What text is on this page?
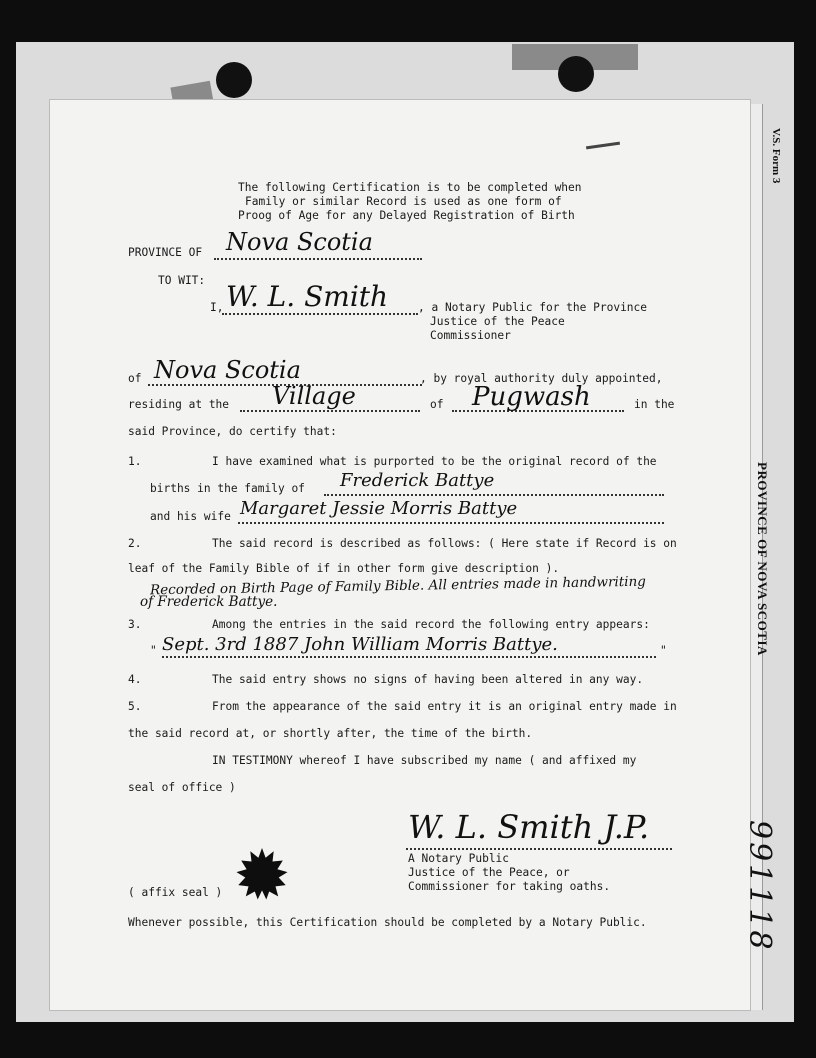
V.S. Form 3
PROVINCE OF NOVA SCOTIA
991118
The following Certification is to be completed when
Family or similar Record is used as one form of
Proog of Age for any Delayed Registration of Birth
PROVINCE OF Nova Scotia
TO WIT:
I, W. L. Smith	, a Notary Public for the Province
Justice of the Peace
Commissioner
of Nova Scotia	, by royal authority duly appointed,
residing at the Village	of Pugwash	in the
said Province, do certify that:
1.	I have examined what is purported to be the original record of the
births in the family of Frederick Battye
and his wife Margaret Jessie Morris Battye
2.	The said record is described as follows: ( Here state if Record is on
leaf of the Family Bible of if in other form give description ).
Recorded on Birth Page of Family Bible. All entries made in handwriting
of Frederick Battye.
3.	Among the entries in the said record the following entry appears:
" Sept. 3rd 1887 John William Morris Battye.	"
4.	The said entry shows no signs of having been altered in any way.
5.	From the appearance of the said entry it is an original entry made in
the said record at, or shortly after, the time of the birth.
IN TESTIMONY whereof I have subscribed my name ( and affixed my
seal of office )
W. L. Smith J.P.
A Notary Public
Justice of the Peace, or
Commissioner for taking oaths.
( affix seal )
Whenever possible, this Certification should be completed by a Notary Public.
